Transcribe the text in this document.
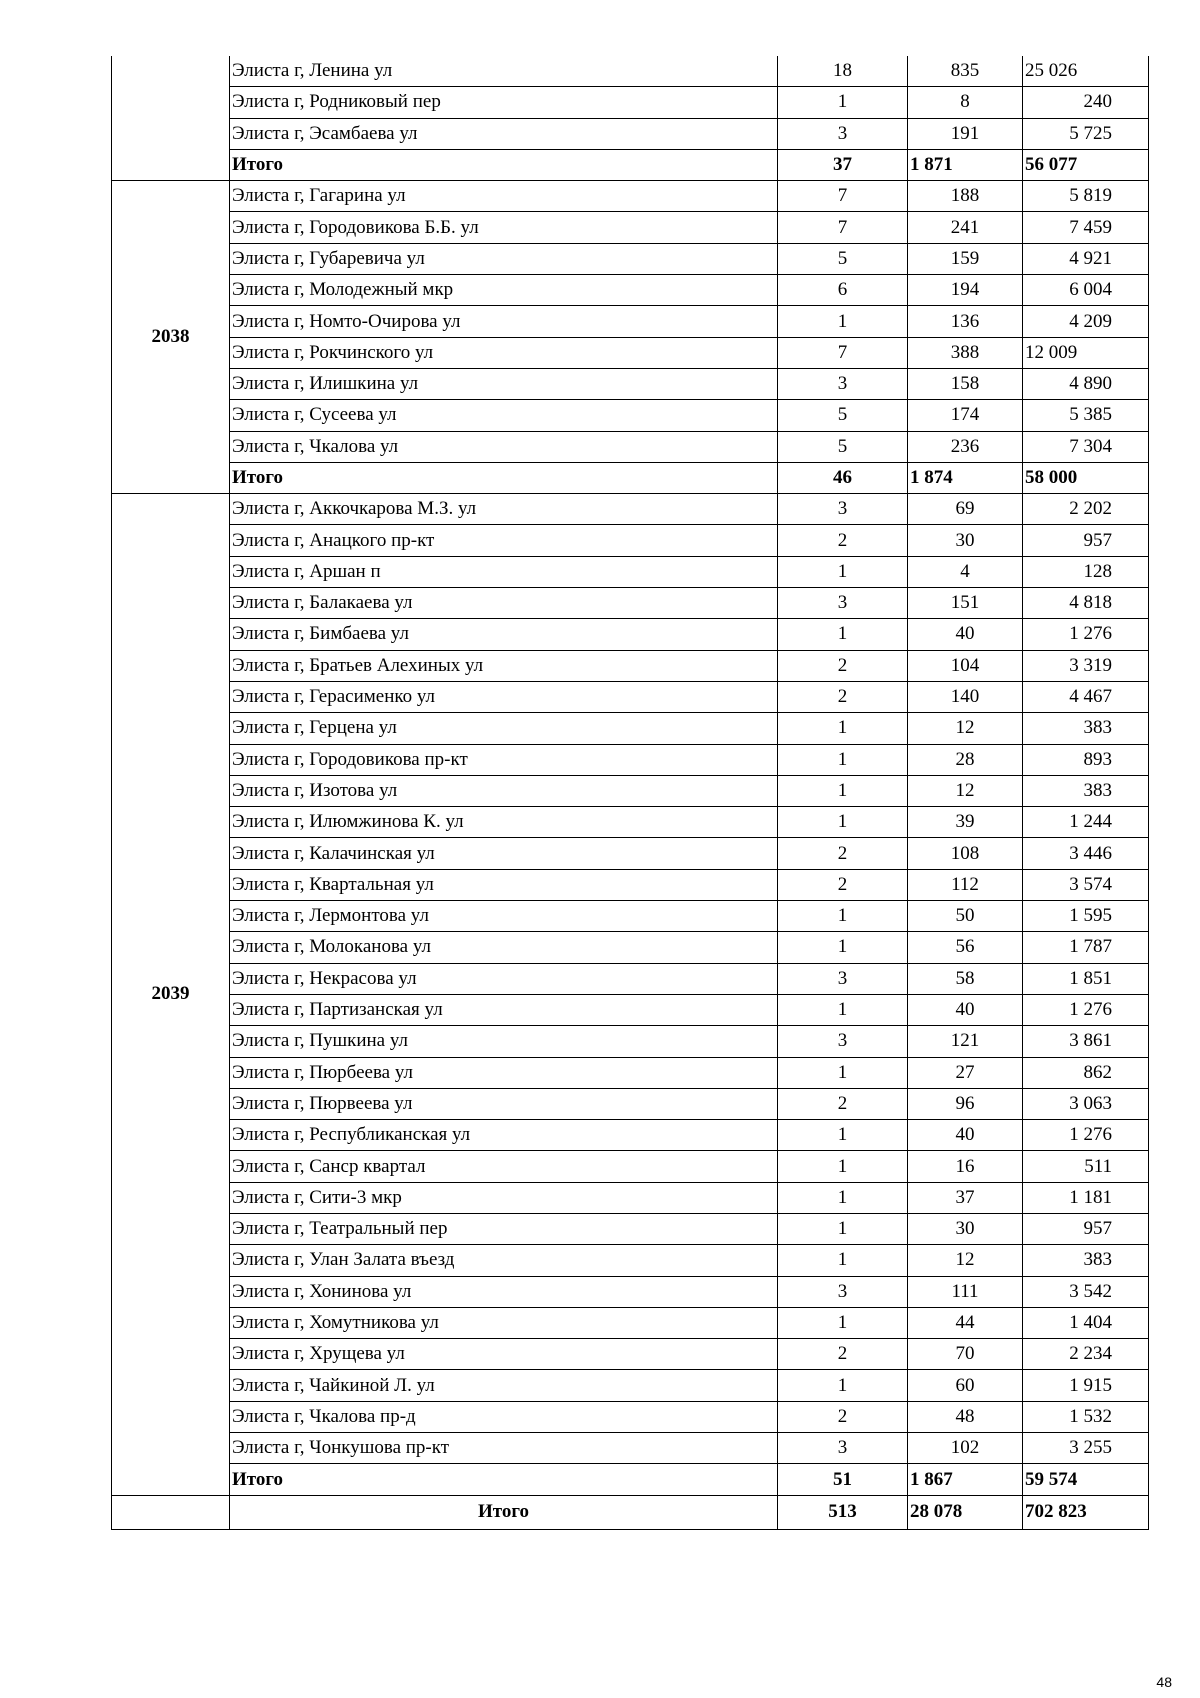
	Элиста г, Ленина ул	18	835	25 026
	Элиста г, Родниковый пер	1	8	240
	Элиста г, Эсамбаева ул	3	191	5 725
	Итого	37	1 871	56 077
2038	Элиста г, Гагарина ул	7	188	5 819
	Элиста г, Городовикова Б.Б. ул	7	241	7 459
	Элиста г, Губаревича ул	5	159	4 921
	Элиста г, Молодежный мкр	6	194	6 004
	Элиста г, Номто-Очирова ул	1	136	4 209
	Элиста г, Рокчинского ул	7	388	12 009
	Элиста г, Илишкина ул	3	158	4 890
	Элиста г, Сусеева ул	5	174	5 385
	Элиста г, Чкалова ул	5	236	7 304
	Итого	46	1 874	58 000
2039	Элиста г, Аккочкарова М.З. ул	3	69	2 202
	Элиста г, Анацкого пр-кт	2	30	957
	Элиста г, Аршан п	1	4	128
	Элиста г, Балакаева ул	3	151	4 818
	Элиста г, Бимбаева ул	1	40	1 276
	Элиста г, Братьев Алехиных ул	2	104	3 319
	Элиста г, Герасименко ул	2	140	4 467
	Элиста г, Герцена ул	1	12	383
	Элиста г, Городовикова пр-кт	1	28	893
	Элиста г, Изотова ул	1	12	383
	Элиста г, Илюмжинова К. ул	1	39	1 244
	Элиста г, Калачинская ул	2	108	3 446
	Элиста г, Квартальная ул	2	112	3 574
	Элиста г, Лермонтова ул	1	50	1 595
	Элиста г, Молоканова ул	1	56	1 787
	Элиста г, Некрасова ул	3	58	1 851
	Элиста г, Партизанская ул	1	40	1 276
	Элиста г, Пушкина ул	3	121	3 861
	Элиста г, Пюрбеева ул	1	27	862
	Элиста г, Пюрвеева ул	2	96	3 063
	Элиста г, Республиканская ул	1	40	1 276
	Элиста г, Санср квартал	1	16	511
	Элиста г, Сити-3 мкр	1	37	1 181
	Элиста г, Театральный пер	1	30	957
	Элиста г, Улан Залата въезд	1	12	383
	Элиста г, Хонинова ул	3	111	3 542
	Элиста г, Хомутникова ул	1	44	1 404
	Элиста г, Хрущева ул	2	70	2 234
	Элиста г, Чайкиной Л. ул	1	60	1 915
	Элиста г, Чкалова пр-д	2	48	1 532
	Элиста г, Чонкушова пр-кт	3	102	3 255
	Итого	51	1 867	59 574
	Итого	513	28 078	702 823
48
